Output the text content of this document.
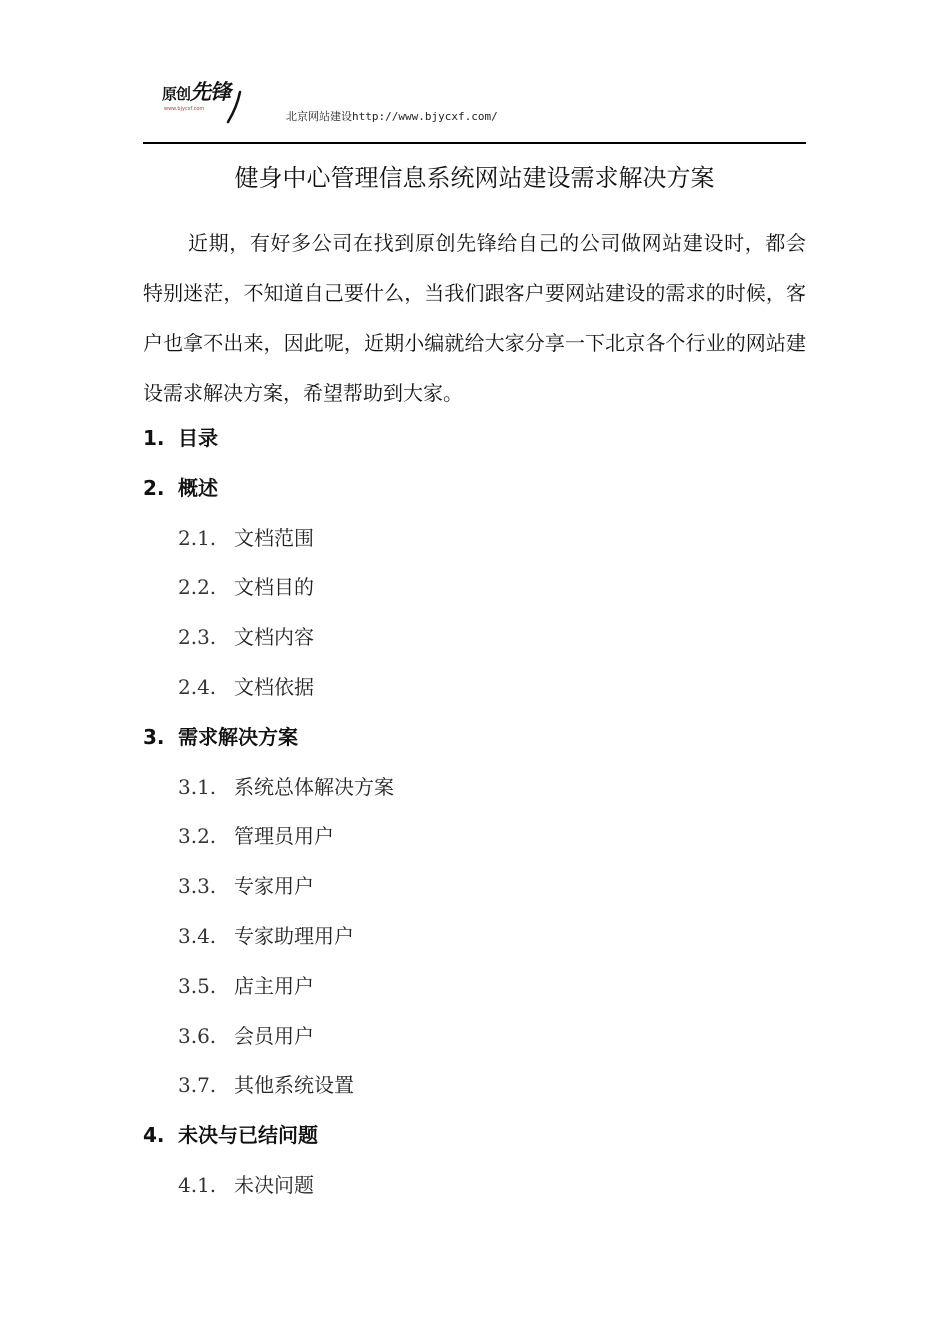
原创先锋
www.bjycxf.com
北京网站建设http://www.bjycxf.com/
健身中心管理信息系统网站建设需求解决方案

近期，有好多公司在找到原创先锋给自己的公司做网站建设时，都会特别迷茫，不知道自己要什么，当我们跟客户要网站建设的需求的时候，客户也拿不出来，因此呢，近期小编就给大家分享一下北京各个行业的网站建设需求解决方案，希望帮助到大家。

1. 目录
2. 概述
2.1. 文档范围
2.2. 文档目的
2.3. 文档内容
2.4. 文档依据
3. 需求解决方案
3.1. 系统总体解决方案
3.2. 管理员用户
3.3. 专家用户
3.4. 专家助理用户
3.5. 店主用户
3.6. 会员用户
3.7. 其他系统设置
4. 未决与已结问题
4.1. 未决问题
